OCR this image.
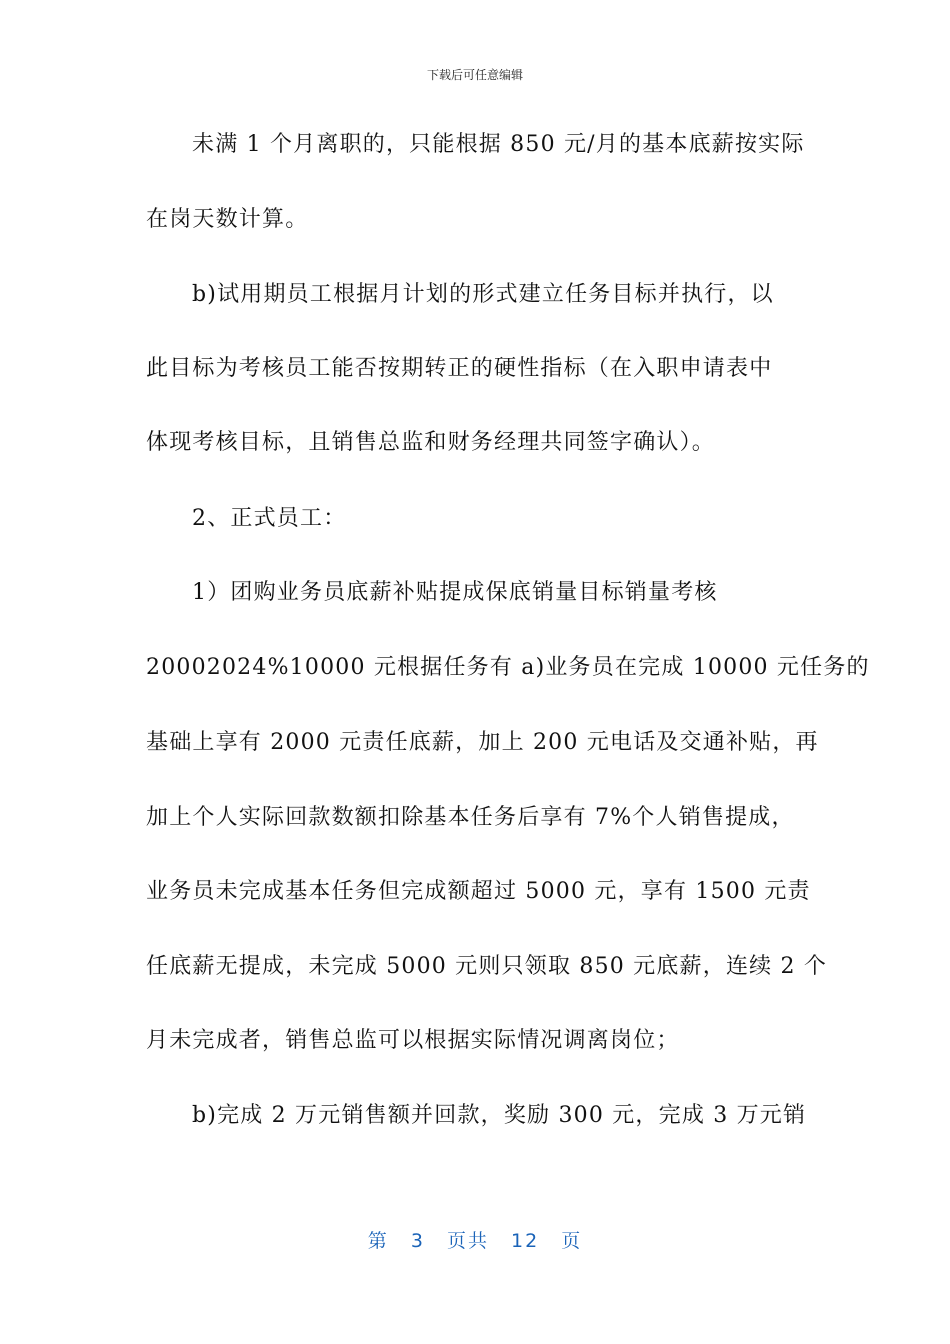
下载后可任意编辑
未满 1 个月离职的，只能根据 850 元/月的基本底薪按实际
在岗天数计算。
b)试用期员工根据月计划的形式建立任务目标并执行，以
此目标为考核员工能否按期转正的硬性指标（在入职申请表中
体现考核目标，且销售总监和财务经理共同签字确认）。
2、正式员工：
1）团购业务员底薪补贴提成保底销量目标销量考核
20002024%10000 元根据任务有 a)业务员在完成 10000 元任务的
基础上享有 2000 元责任底薪，加上 200 元电话及交通补贴，再
加上个人实际回款数额扣除基本任务后享有 7%个人销售提成，
业务员未完成基本任务但完成额超过 5000 元，享有 1500 元责
任底薪无提成，未完成 5000 元则只领取 850 元底薪，连续 2 个
月未完成者，销售总监可以根据实际情况调离岗位；
b)完成 2 万元销售额并回款，奖励 300 元，完成 3 万元销
第 3 页共 12 页
